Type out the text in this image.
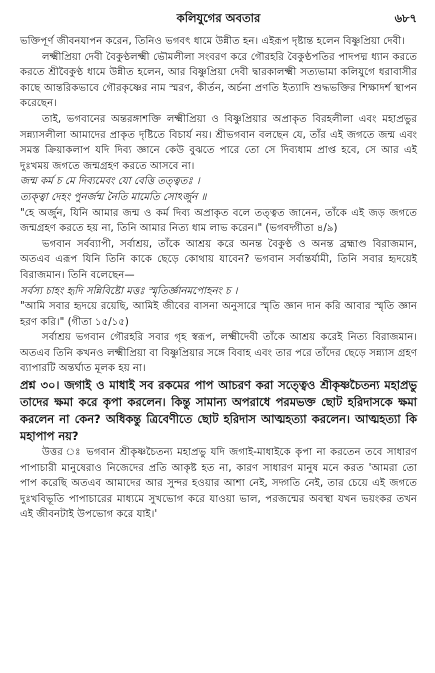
কলিযুগের অবতার	৬৮৭

ভক্তিপূর্ণ জীবনযাপন করেন, তিনিও ভগবৎ ধামে উন্নীত হন। এইরূপ দৃষ্টান্ত হলেন বিষ্ণুপ্রিয়া দেবী।

লক্ষ্মীপ্রিয়া দেবী বৈকুণ্ঠলক্ষ্মী ভৌমলীলা সংবরণ করে গৌরহরি বৈকুণ্ঠপতির পাদপদ্ম ধ্যান করতে করতে শ্রীবৈকুণ্ঠ ধামে উন্নীত হলেন, আর বিষ্ণুপ্রিয়া দেবী দ্বারকালক্ষ্মী সত্যভামা কলিযুগে ধরাবাসীর কাছে আন্তরিকভাবে গৌরকৃষ্ণের নাম স্মরণ, কীর্তন, অর্চনা প্রণতি ইত্যাদি শুদ্ধভক্তির শিক্ষাদর্শ স্থাপন করেছেন।

তাই, ভগবানের অন্তরঙ্গাশক্তি লক্ষ্মীপ্রিয়া ও বিষ্ণুপ্রিয়ার অপ্রাকৃত বিরহলীলা এবং মহাপ্রভুর সন্ন্যাসলীলা আমাদের প্রাকৃত দৃষ্টিতে বিচার্য নয়। শ্রীভগবান বলছেন যে, তাঁর এই জগতে জন্ম এবং সমস্ত ক্রিয়াকলাপ যদি দিব্য জ্ঞানে কেউ বুঝতে পারে তো সে দিব্যধাম প্রাপ্ত হবে, সে আর এই দুঃখময় জগতে জন্মগ্রহণ করতে আসবে না।

জন্ম কর্ম চ মে দিব্যমেবং যো বেত্তি তত্ত্বতঃ ।

ত্যক্ত্বা দেহং পুনর্জন্ম নৈতি মামেতি সোঽর্জুন ॥

"হে অর্জুন, যিনি আমার জন্ম ও কর্ম দিব্য অপ্রাকৃত বলে তত্ত্বত জানেন, তাঁকে এই জড় জগতে জন্মগ্রহণ করতে হয় না, তিনি আমার নিত্য ধাম লাভ করেন।" (ভগবদ্গীতা ৪/৯)

ভগবান সর্বব্যাপী, সর্বাশ্রয়, তাঁকে আশ্রয় করে অনন্ত বৈকুণ্ঠ ও অনন্ত ব্রহ্মাণ্ড বিরাজমান, অতএব এরূপ যিনি তিনি কাকে ছেড়ে কোথায় যাবেন? ভগবান সর্বান্তর্যামী, তিনি সবার হৃদয়েই বিরাজমান। তিনি বলেছেন—

সর্বস্য চাহং হৃদি সন্নিবিষ্টো মত্তঃ স্মৃতির্জ্ঞানমপোহনং চ ।

"আমি সবার হৃদয়ে রয়েছি, আমিই জীবের বাসনা অনুসারে স্মৃতি জ্ঞান দান করি আবার স্মৃতি জ্ঞান হরণ করি।" (গীতা ১৫/১৫)

সর্বাশ্রয় ভগবান গৌরহরি সবার গৃহ স্বরূপ, লক্ষ্মীদেবী তাঁকে আশ্রয় করেই নিত্য বিরাজমান। অতএব তিনি কখনও লক্ষ্মীপ্রিয়া বা বিষ্ণুপ্রিয়ার সঙ্গে বিবাহ এবং তার পরে তাঁদের ছেড়ে সন্ন্যাস গ্রহণ ব্যাপারটি অন্তর্ঘাত মূলক হয় না।

প্রশ্ন ৩০। জগাই ও মাধাই সব রকমের পাপ আচরণ করা সত্ত্বেও শ্রীকৃষ্ণচৈতন্য মহাপ্রভু তাদের ক্ষমা করে কৃপা করলেন। কিন্তু সামান্য অপরাধে পরমভক্ত ছোট হরিদাসকে ক্ষমা করলেন না কেন? অধিকন্তু ত্রিবেণীতে ছোট হরিদাস আত্মহত্যা করলেন। আত্মহত্যা কি মহাপাপ নয়?

উত্তর ঃ ভগবান শ্রীকৃষ্ণচৈতন্য মহাপ্রভু যদি জগাই-মাধাইকে কৃপা না করতেন তবে সাধারণ পাপাচারী মানুষেরাও নিজেদের প্রতি আকৃষ্ট হত না, কারণ সাধারণ মানুষ মনে করত 'আমরা তো পাপ করেছি অতএব আমাদের আর সুন্দর হওয়ার আশা নেই, সদ্গতি নেই, তার চেয়ে এই জগতে দুঃখবিভূতি পাপাচারের মাধ্যমে সুখভোগ করে যাওয়া ভাল, পরজন্মের অবস্থা যখন ভয়ংকর তখন এই জীবনটাই উপভোগ করে যাই।'
